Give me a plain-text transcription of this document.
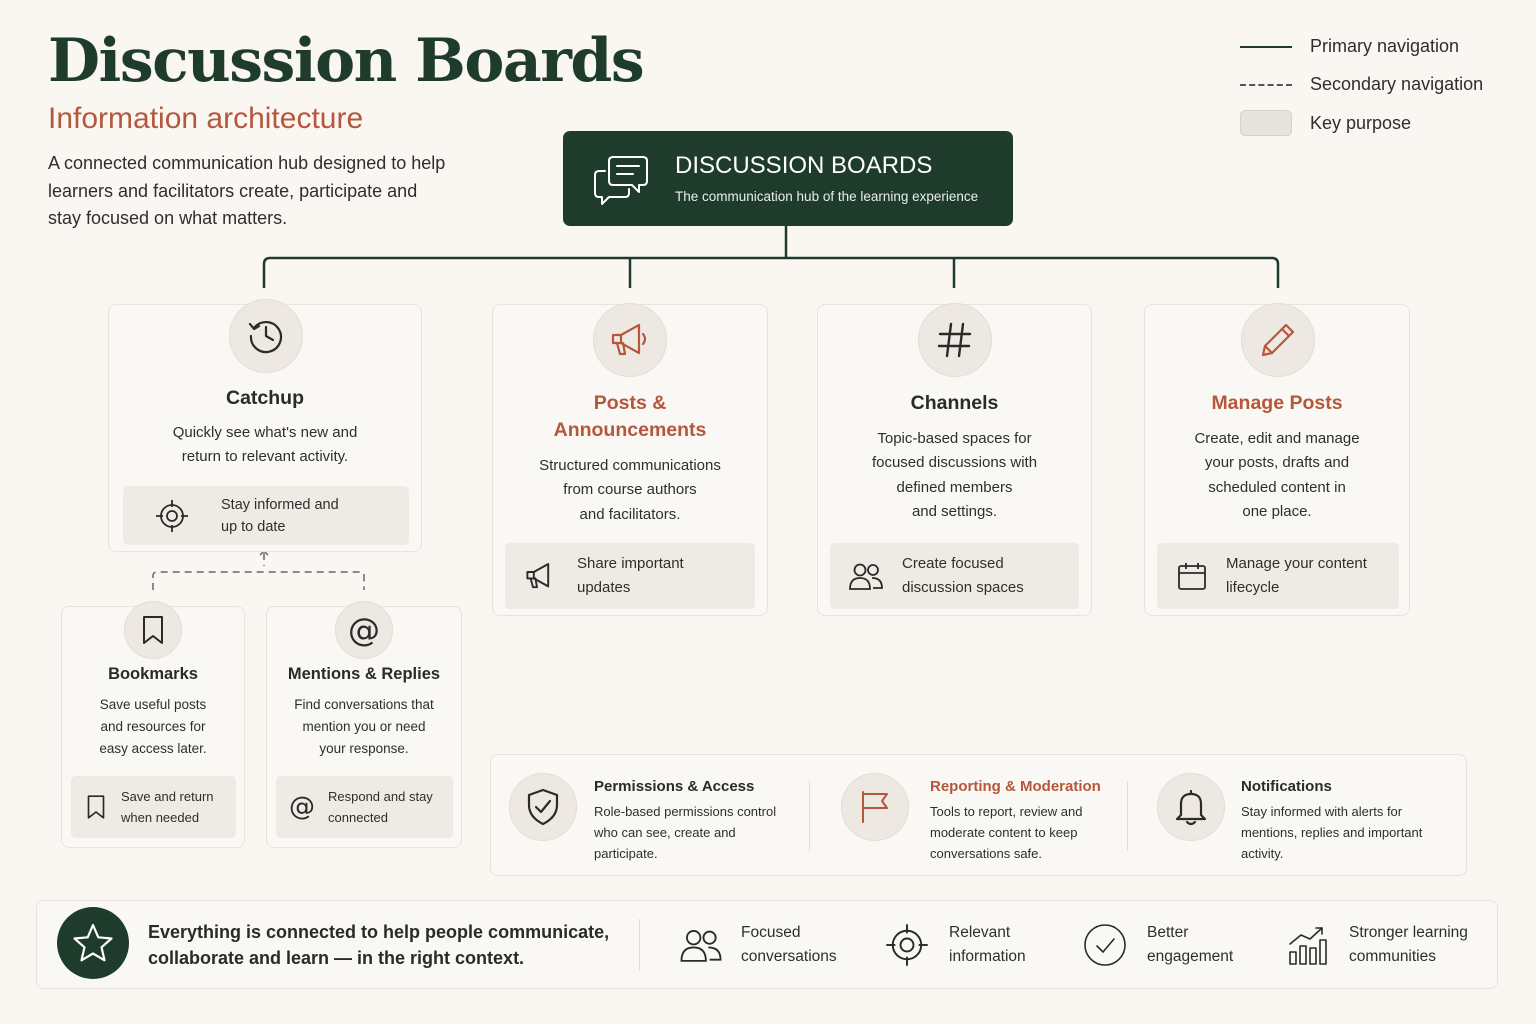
Discussion Boards
Information architecture
A connected communication hub designed to help
learners and facilitators create, participate and
stay focused on what matters.
Primary navigation
Secondary navigation
Key purpose
DISCUSSION BOARDS
The communication hub of the learning experience
Catchup
Quickly see what's new and
return to relevant activity.
Stay informed and
up to date
Posts &
Announcements
Structured communications
from course authors
and facilitators.
Share important
updates
Channels
Topic-based spaces for
focused discussions with
defined members
and settings.
Create focused
discussion spaces
Manage Posts
Create, edit and manage
your posts, drafts and
scheduled content in
one place.
Manage your content
lifecycle
Bookmarks
Save useful posts
and resources for
easy access later.
Save and return
when needed
@
Mentions & Replies
Find conversations that
mention you or need
your response.
@ Respond and stay
connected
Permissions & Access
Role-based permissions control
who can see, create and
participate.
Reporting & Moderation
Tools to report, review and
moderate content to keep
conversations safe.
Notifications
Stay informed with alerts for
mentions, replies and important
activity.
Everything is connected to help people communicate,
collaborate and learn — in the right context.
Focused
conversations
Relevant
information
Better
engagement
Stronger learning
communities
